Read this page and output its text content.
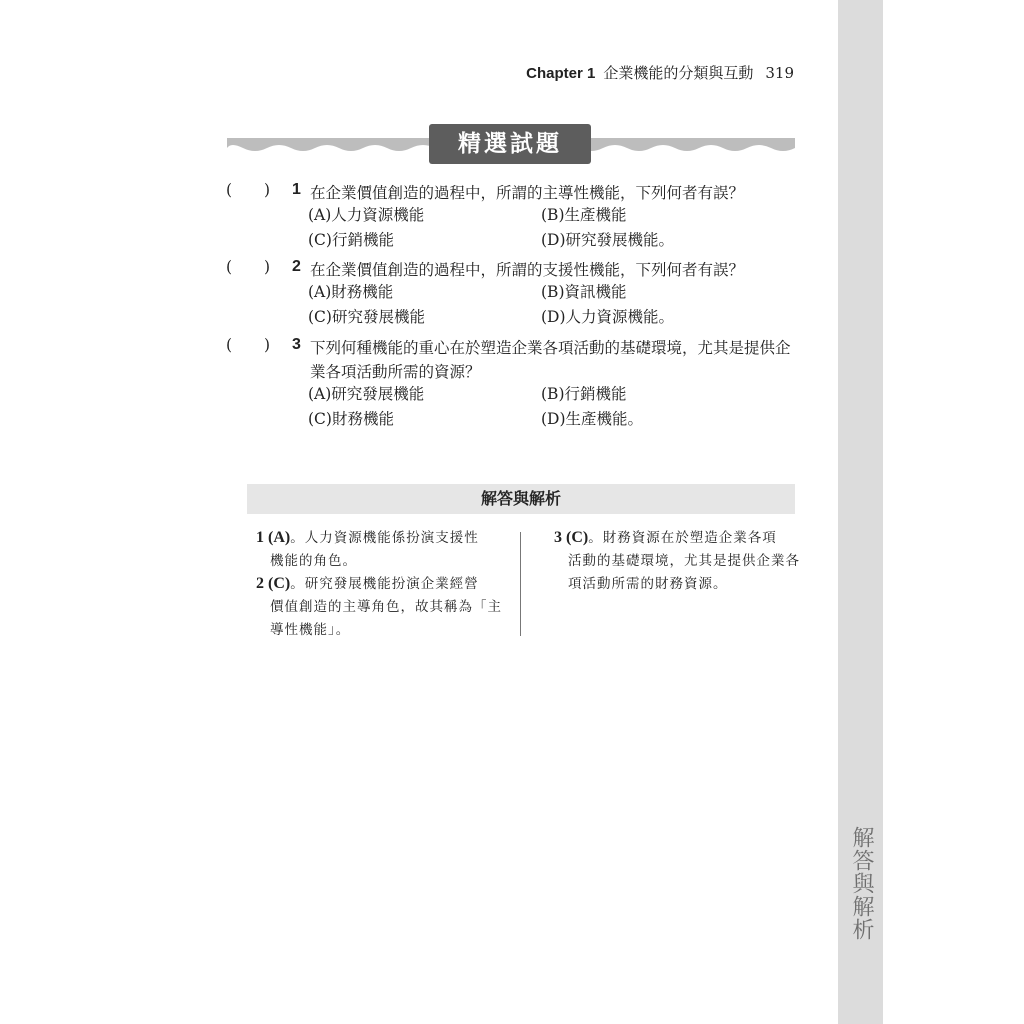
解答與解析
Chapter 1 企業機能的分類與互動 319
精選試題
( ) 1 在企業價值創造的過程中，所謂的主導性機能，下列何者有誤？
(A)人力資源機能	(B)生產機能
(C)行銷機能	(D)研究發展機能。
( ) 2 在企業價值創造的過程中，所謂的支援性機能，下列何者有誤？
(A)財務機能	(B)資訊機能
(C)研究發展機能	(D)人力資源機能。
( ) 3 下列何種機能的重心在於塑造企業各項活動的基礎環境，尤其是提供企業各項活動所需的資源？
(A)研究發展機能	(B)行銷機能
(C)財務機能	(D)生產機能。
解答與解析
1 (A)。人力資源機能係扮演支援性
機能的角色。
2 (C)。研究發展機能扮演企業經營
價值創造的主導角色，故其稱為「主導性機能」。
3 (C)。財務資源在於塑造企業各項
活動的基礎環境，尤其是提供企業各項活動所需的財務資源。
